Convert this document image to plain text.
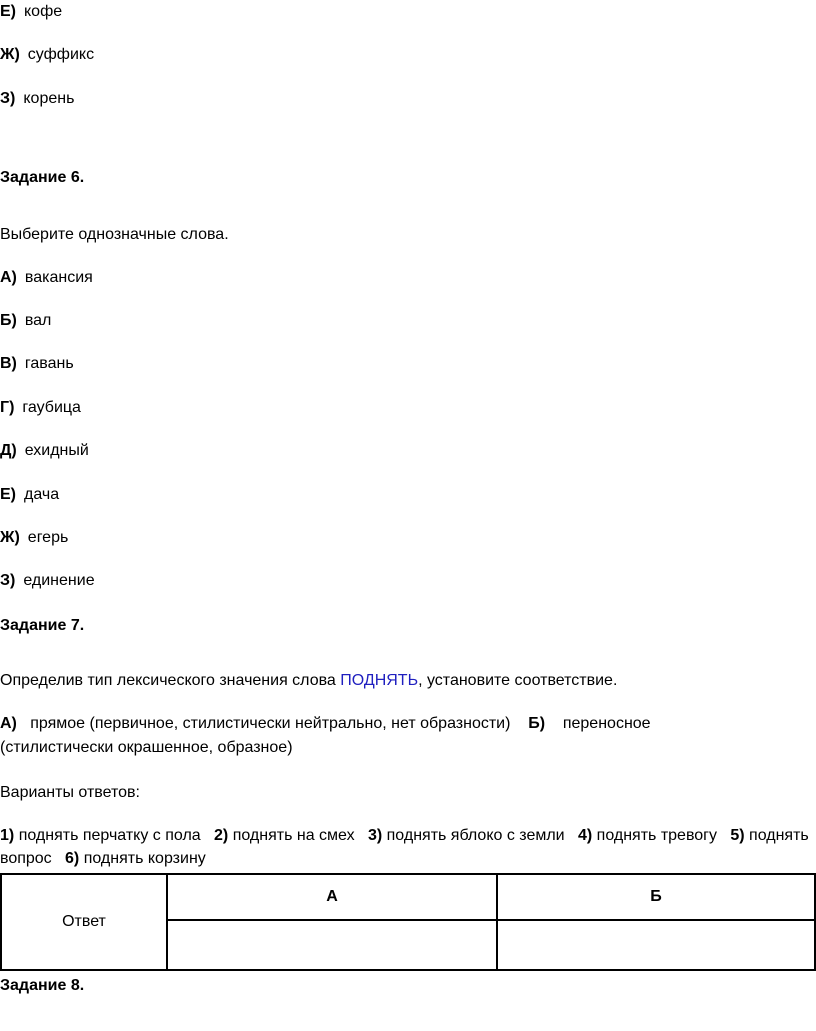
Е) кофе
Ж) суффикс
З) корень
Задание 6.
Выберите однозначные слова.
А) вакансия
Б) вал
В) гавань
Г) гаубица
Д) ехидный
Е) дача
Ж) егерь
З) единение
Задание 7.
Определив тип лексического значения слова ПОДНЯТЬ, установите соответствие.
А) прямое (первичное, стилистически нейтрально, нет образности) Б) переносное
(стилистически окрашенное, образное)
Варианты ответов:
1) поднять перчатку с пола 2) поднять на смех 3) поднять яблоко с земли 4) поднять тревогу 5) поднять
вопрос 6) поднять корзину
Ответ	А	Б

Задание 8.
